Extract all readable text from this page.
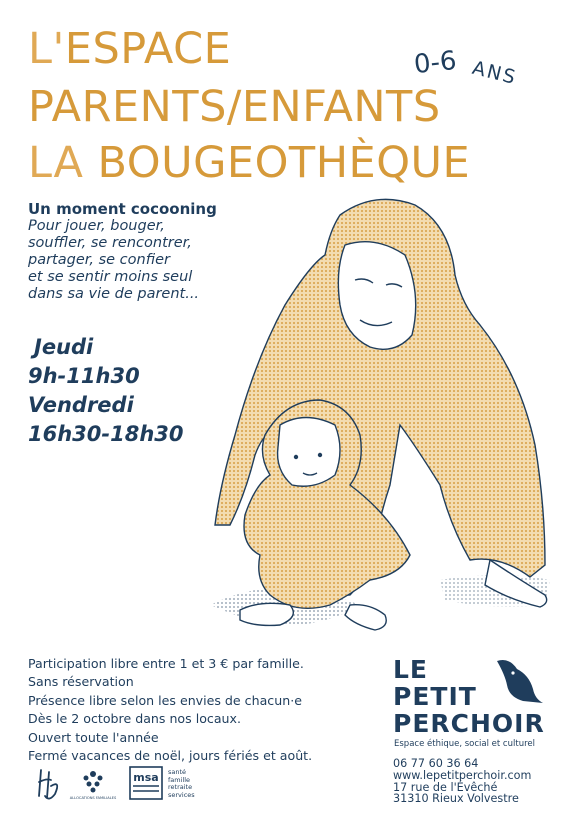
L'ESPACE
PARENTS/ENFANTS
LA BOUGEOTHÈQUE
0-6 ANS
Un moment cocooning
Pour jouer, bouger,
souffler, se rencontrer,
partager, se confier
et se sentir moins seul
dans sa vie de parent...
Jeudi
9h-11h30
Vendredi
16h30-18h30
Participation libre entre 1 et 3 € par famille.
Sans réservation
Présence libre selon les envies de chacun·e
Dès le 2 octobre dans nos locaux.
Ouvert toute l'année
Fermé vacances de noël, jours fériés et août.
LE
PETIT
PERCHOIR
Espace éthique, social et culturel
06 77 60 36 64
www.lepetitperchoir.com
17 rue de l'Évêché
31310 Rieux Volvestre
ALLOCATIONS FAMILIALES
msa santé
famille
retraite
services
